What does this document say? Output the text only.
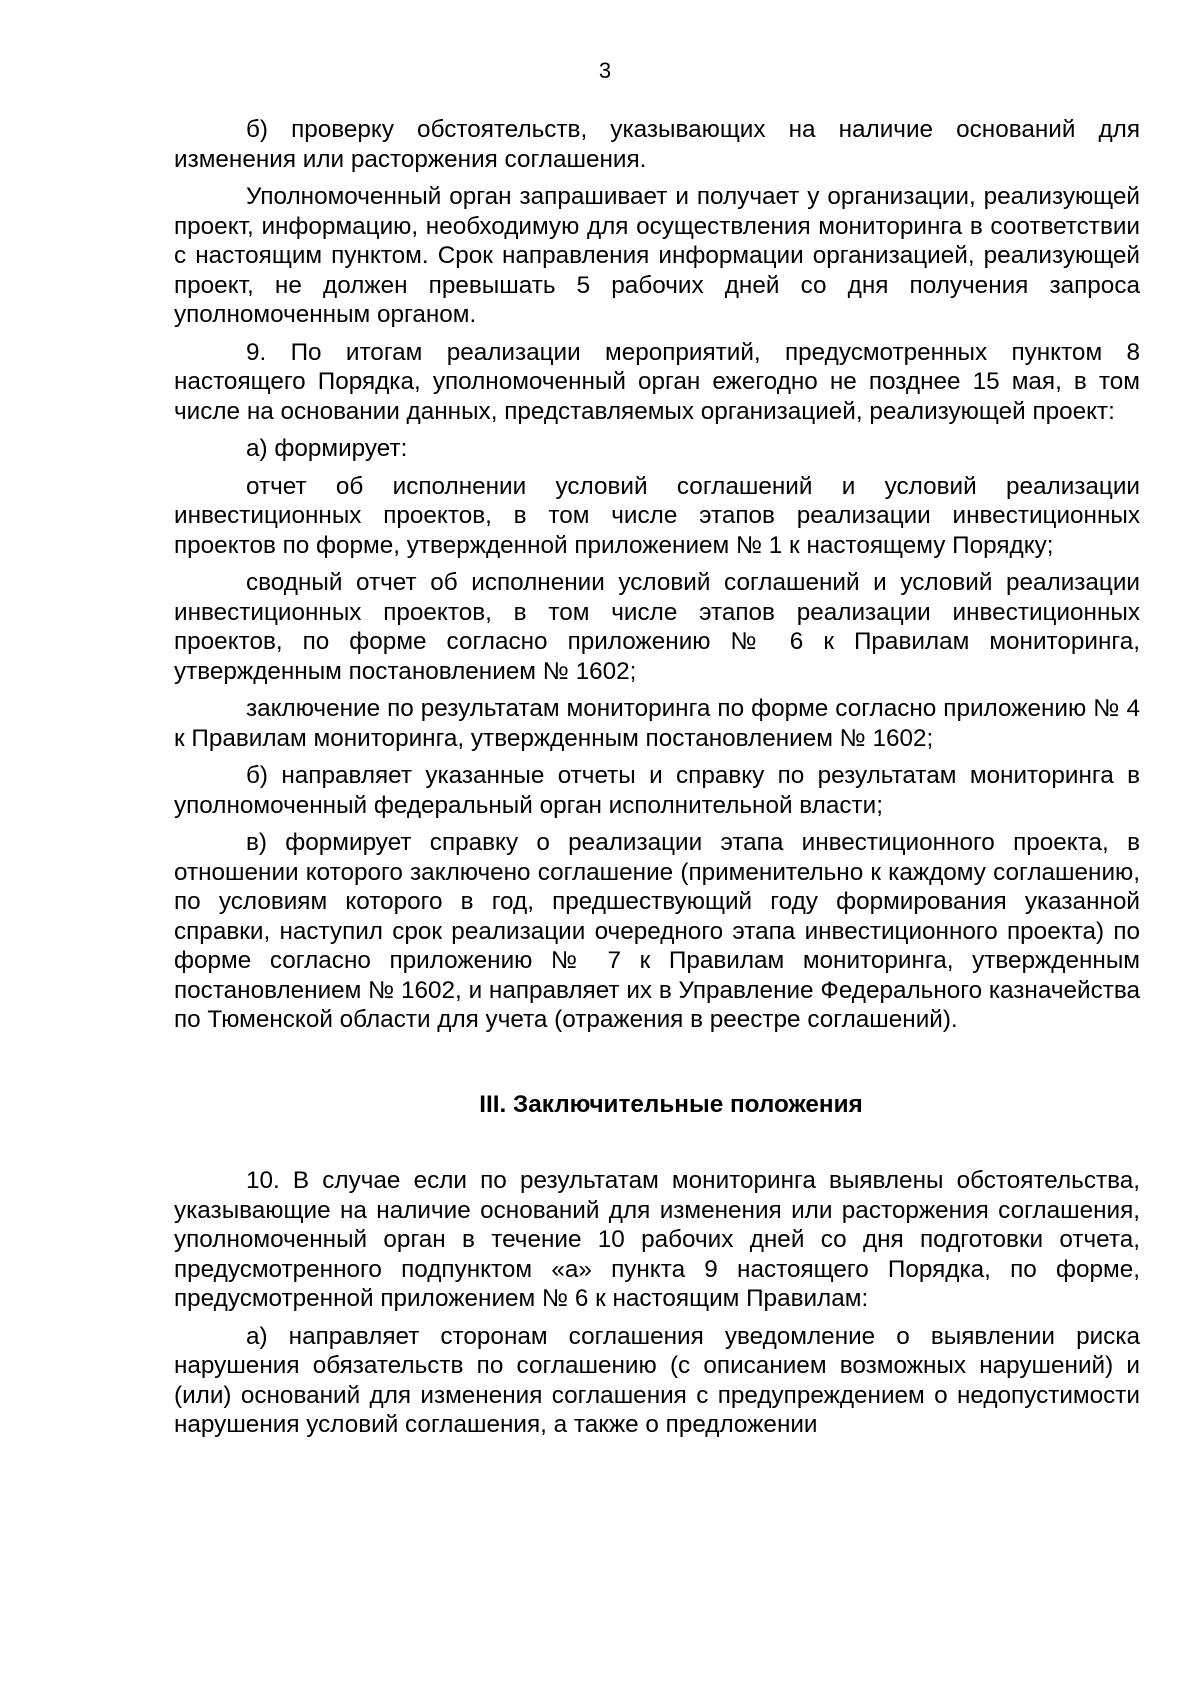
3

б) проверку обстоятельств, указывающих на наличие оснований для изменения или расторжения соглашения.

Уполномоченный орган запрашивает и получает у организации, реализующей проект, информацию, необходимую для осуществления мониторинга в соответствии с настоящим пунктом. Срок направления информации организацией, реализующей проект, не должен превышать 5 рабочих дней со дня получения запроса уполномоченным органом.

9. По итогам реализации мероприятий, предусмотренных пунктом 8 настоящего Порядка, уполномоченный орган ежегодно не позднее 15 мая, в том числе на основании данных, представляемых организацией, реализующей проект:

а) формирует:

отчет об исполнении условий соглашений и условий реализации инвестиционных проектов, в том числе этапов реализации инвестиционных проектов по форме, утвержденной приложением № 1 к настоящему Порядку;

сводный отчет об исполнении условий соглашений и условий реализации инвестиционных проектов, в том числе этапов реализации инвестиционных проектов, по форме согласно приложению № 6 к Правилам мониторинга, утвержденным постановлением № 1602;

заключение по результатам мониторинга по форме согласно приложению № 4 к Правилам мониторинга, утвержденным постановлением № 1602;

б) направляет указанные отчеты и справку по результатам мониторинга в уполномоченный федеральный орган исполнительной власти;

в) формирует справку о реализации этапа инвестиционного проекта, в отношении которого заключено соглашение (применительно к каждому соглашению, по условиям которого в год, предшествующий году формирования указанной справки, наступил срок реализации очередного этапа инвестиционного проекта) по форме согласно приложению № 7 к Правилам мониторинга, утвержденным постановлением № 1602, и направляет их в Управление Федерального казначейства по Тюменской области для учета (отражения в реестре соглашений).

III. Заключительные положения

10. В случае если по результатам мониторинга выявлены обстоятельства, указывающие на наличие оснований для изменения или расторжения соглашения, уполномоченный орган в течение 10 рабочих дней со дня подготовки отчета, предусмотренного подпунктом «а» пункта 9 настоящего Порядка, по форме, предусмотренной приложением № 6 к настоящим Правилам:

а) направляет сторонам соглашения уведомление о выявлении риска нарушения обязательств по соглашению (с описанием возможных нарушений) и (или) оснований для изменения соглашения с предупреждением о недопустимости нарушения условий соглашения, а также о предложении
